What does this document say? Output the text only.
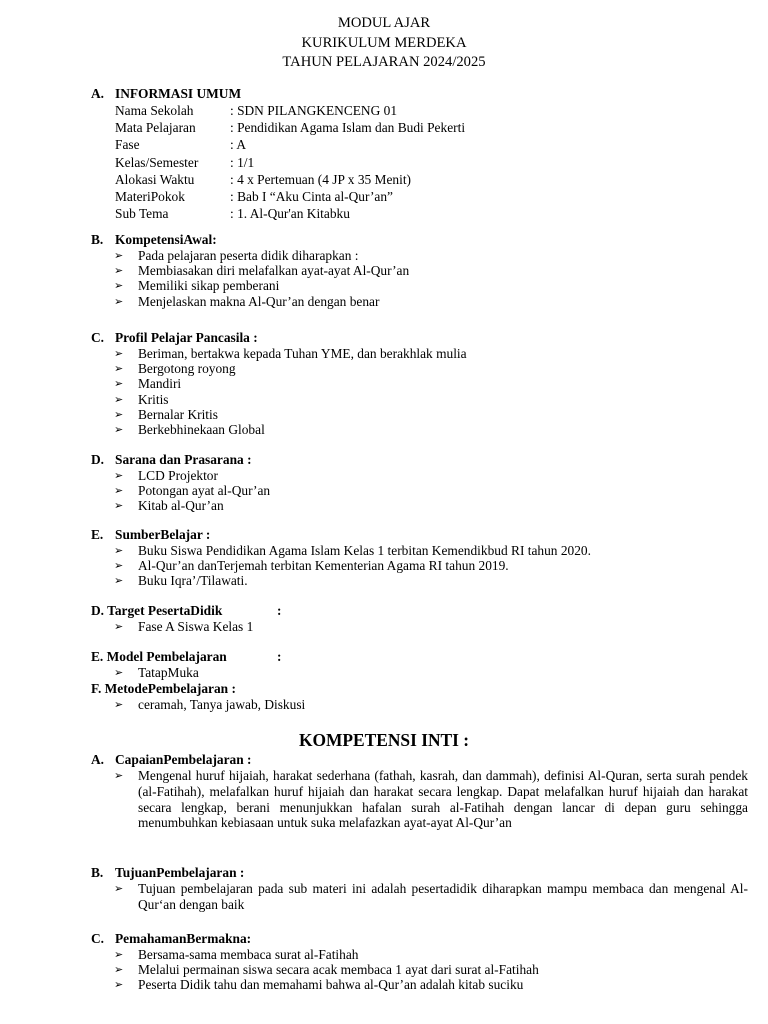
MODUL AJAR
KURIKULUM MERDEKA
TAHUN PELAJARAN 2024/2025
A. INFORMASI UMUM
Nama Sekolah	: SDN PILANGKENCENG 01
Mata Pelajaran	: Pendidikan Agama Islam dan Budi Pekerti
Fase	: A
Kelas/Semester : 1/1
Alokasi Waktu	: 4 x Pertemuan (4 JP x 35 Menit)
MateriPokok	: Bab I “Aku Cinta al-Qur’an”
Sub Tema	: 1. Al-Qur'an Kitabku
B. KompetensiAwal:
➢ Pada pelajaran peserta didik diharapkan :
➢ Membiasakan diri melafalkan ayat-ayat Al-Qur’an
➢ Memiliki sikap pemberani
➢ Menjelaskan makna Al-Qur’an dengan benar
C. Profil Pelajar Pancasila :
➢ Beriman, bertakwa kepada Tuhan YME, dan berakhlak mulia
➢ Bergotong royong
➢ Mandiri
➢ Kritis
➢ Bernalar Kritis
➢ Berkebhinekaan Global
D. Sarana dan Prasarana :
➢ LCD Projektor
➢ Potongan ayat al-Qur’an
➢ Kitab al-Qur’an
E. SumberBelajar :
➢ Buku Siswa Pendidikan Agama Islam Kelas 1 terbitan Kemendikbud RI tahun 2020.
➢ Al-Qur’an danTerjemah terbitan Kementerian Agama RI tahun 2019.
➢ Buku Iqra’/Tilawati.
D. Target PesertaDidik	:
➢ Fase A Siswa Kelas 1
E. Model Pembelajaran	:
➢ TatapMuka
F. MetodePembelajaran :
➢ ceramah, Tanya jawab, Diskusi
KOMPETENSI INTI :
A. CapaianPembelajaran :
➢ Mengenal huruf hijaiah, harakat sederhana (fathah, kasrah, dan dammah), definisi Al-Quran, serta surah pendek (al-Fatihah), melafalkan huruf hijaiah dan harakat secara lengkap. Dapat melafalkan huruf hijaiah dan harakat secara lengkap, berani menunjukkan hafalan surah al-Fatihah dengan lancar di depan guru sehingga menumbuhkan kebiasaan untuk suka melafazkan ayat-ayat Al-Qur’an
B. TujuanPembelajaran :
➢ Tujuan pembelajaran pada sub materi ini adalah pesertadidik diharapkan mampu membaca dan mengenal Al-Qur‘an dengan baik
C. PemahamanBermakna:
➢ Bersama-sama membaca surat al-Fatihah
➢ Melalui permainan siswa secara acak membaca 1 ayat dari surat al-Fatihah
➢ Peserta Didik tahu dan memahami bahwa al-Qur’an adalah kitab suciku
